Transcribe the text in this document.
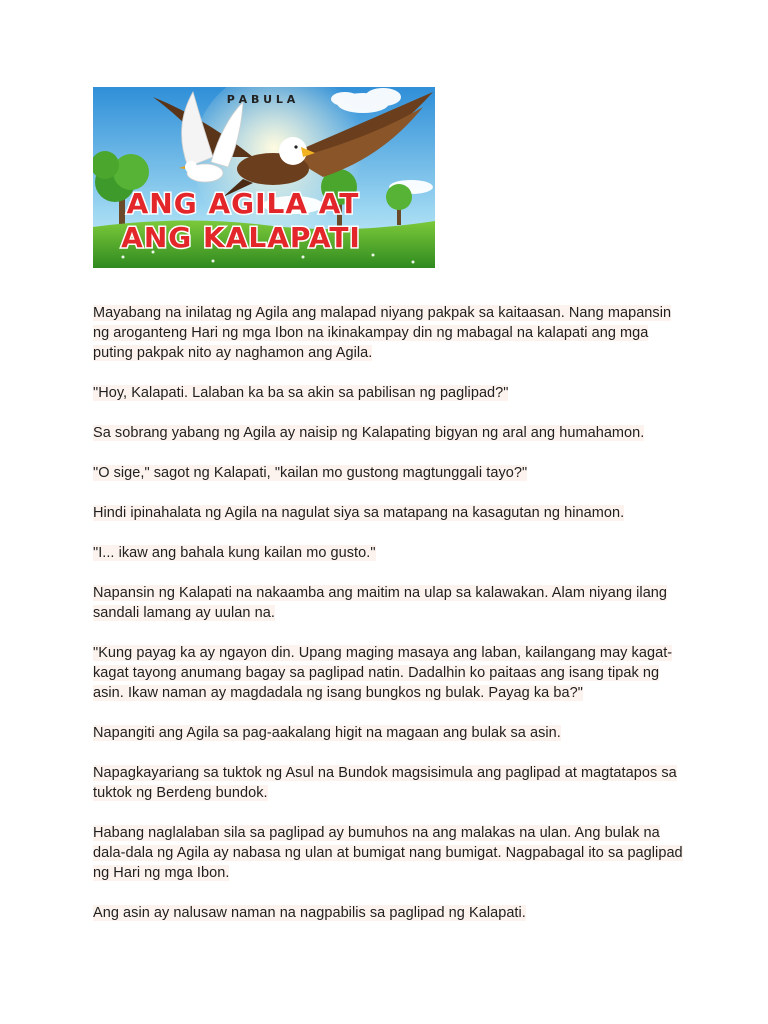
P A B U L A
ANG AGILA AT
ANG KALAPATI

Mayabang na inilatag ng Agila ang malapad niyang pakpak sa kaitaasan. Nang mapansin ng aroganteng Hari ng mga Ibon na ikinakampay din ng mabagal na kalapati ang mga puting pakpak nito ay naghamon ang Agila.

"Hoy, Kalapati. Lalaban ka ba sa akin sa pabilisan ng paglipad?"

Sa sobrang yabang ng Agila ay naisip ng Kalapating bigyan ng aral ang humahamon.

"O sige," sagot ng Kalapati, "kailan mo gustong magtunggali tayo?"

Hindi ipinahalata ng Agila na nagulat siya sa matapang na kasagutan ng hinamon.

"I... ikaw ang bahala kung kailan mo gusto."

Napansin ng Kalapati na nakaamba ang maitim na ulap sa kalawakan. Alam niyang ilang sandali lamang ay uulan na.

"Kung payag ka ay ngayon din. Upang maging masaya ang laban, kailangang may kagat-kagat tayong anumang bagay sa paglipad natin. Dadalhin ko paitaas ang isang tipak ng asin. Ikaw naman ay magdadala ng isang bungkos ng bulak. Payag ka ba?"

Napangiti ang Agila sa pag-aakalang higit na magaan ang bulak sa asin.

Napagkayariang sa tuktok ng Asul na Bundok magsisimula ang paglipad at magtatapos sa tuktok ng Berdeng bundok.

Habang naglalaban sila sa paglipad ay bumuhos na ang malakas na ulan. Ang bulak na dala-dala ng Agila ay nabasa ng ulan at bumigat nang bumigat. Nagpabagal ito sa paglipad ng Hari ng mga Ibon.

Ang asin ay nalusaw naman na nagpabilis sa paglipad ng Kalapati.
